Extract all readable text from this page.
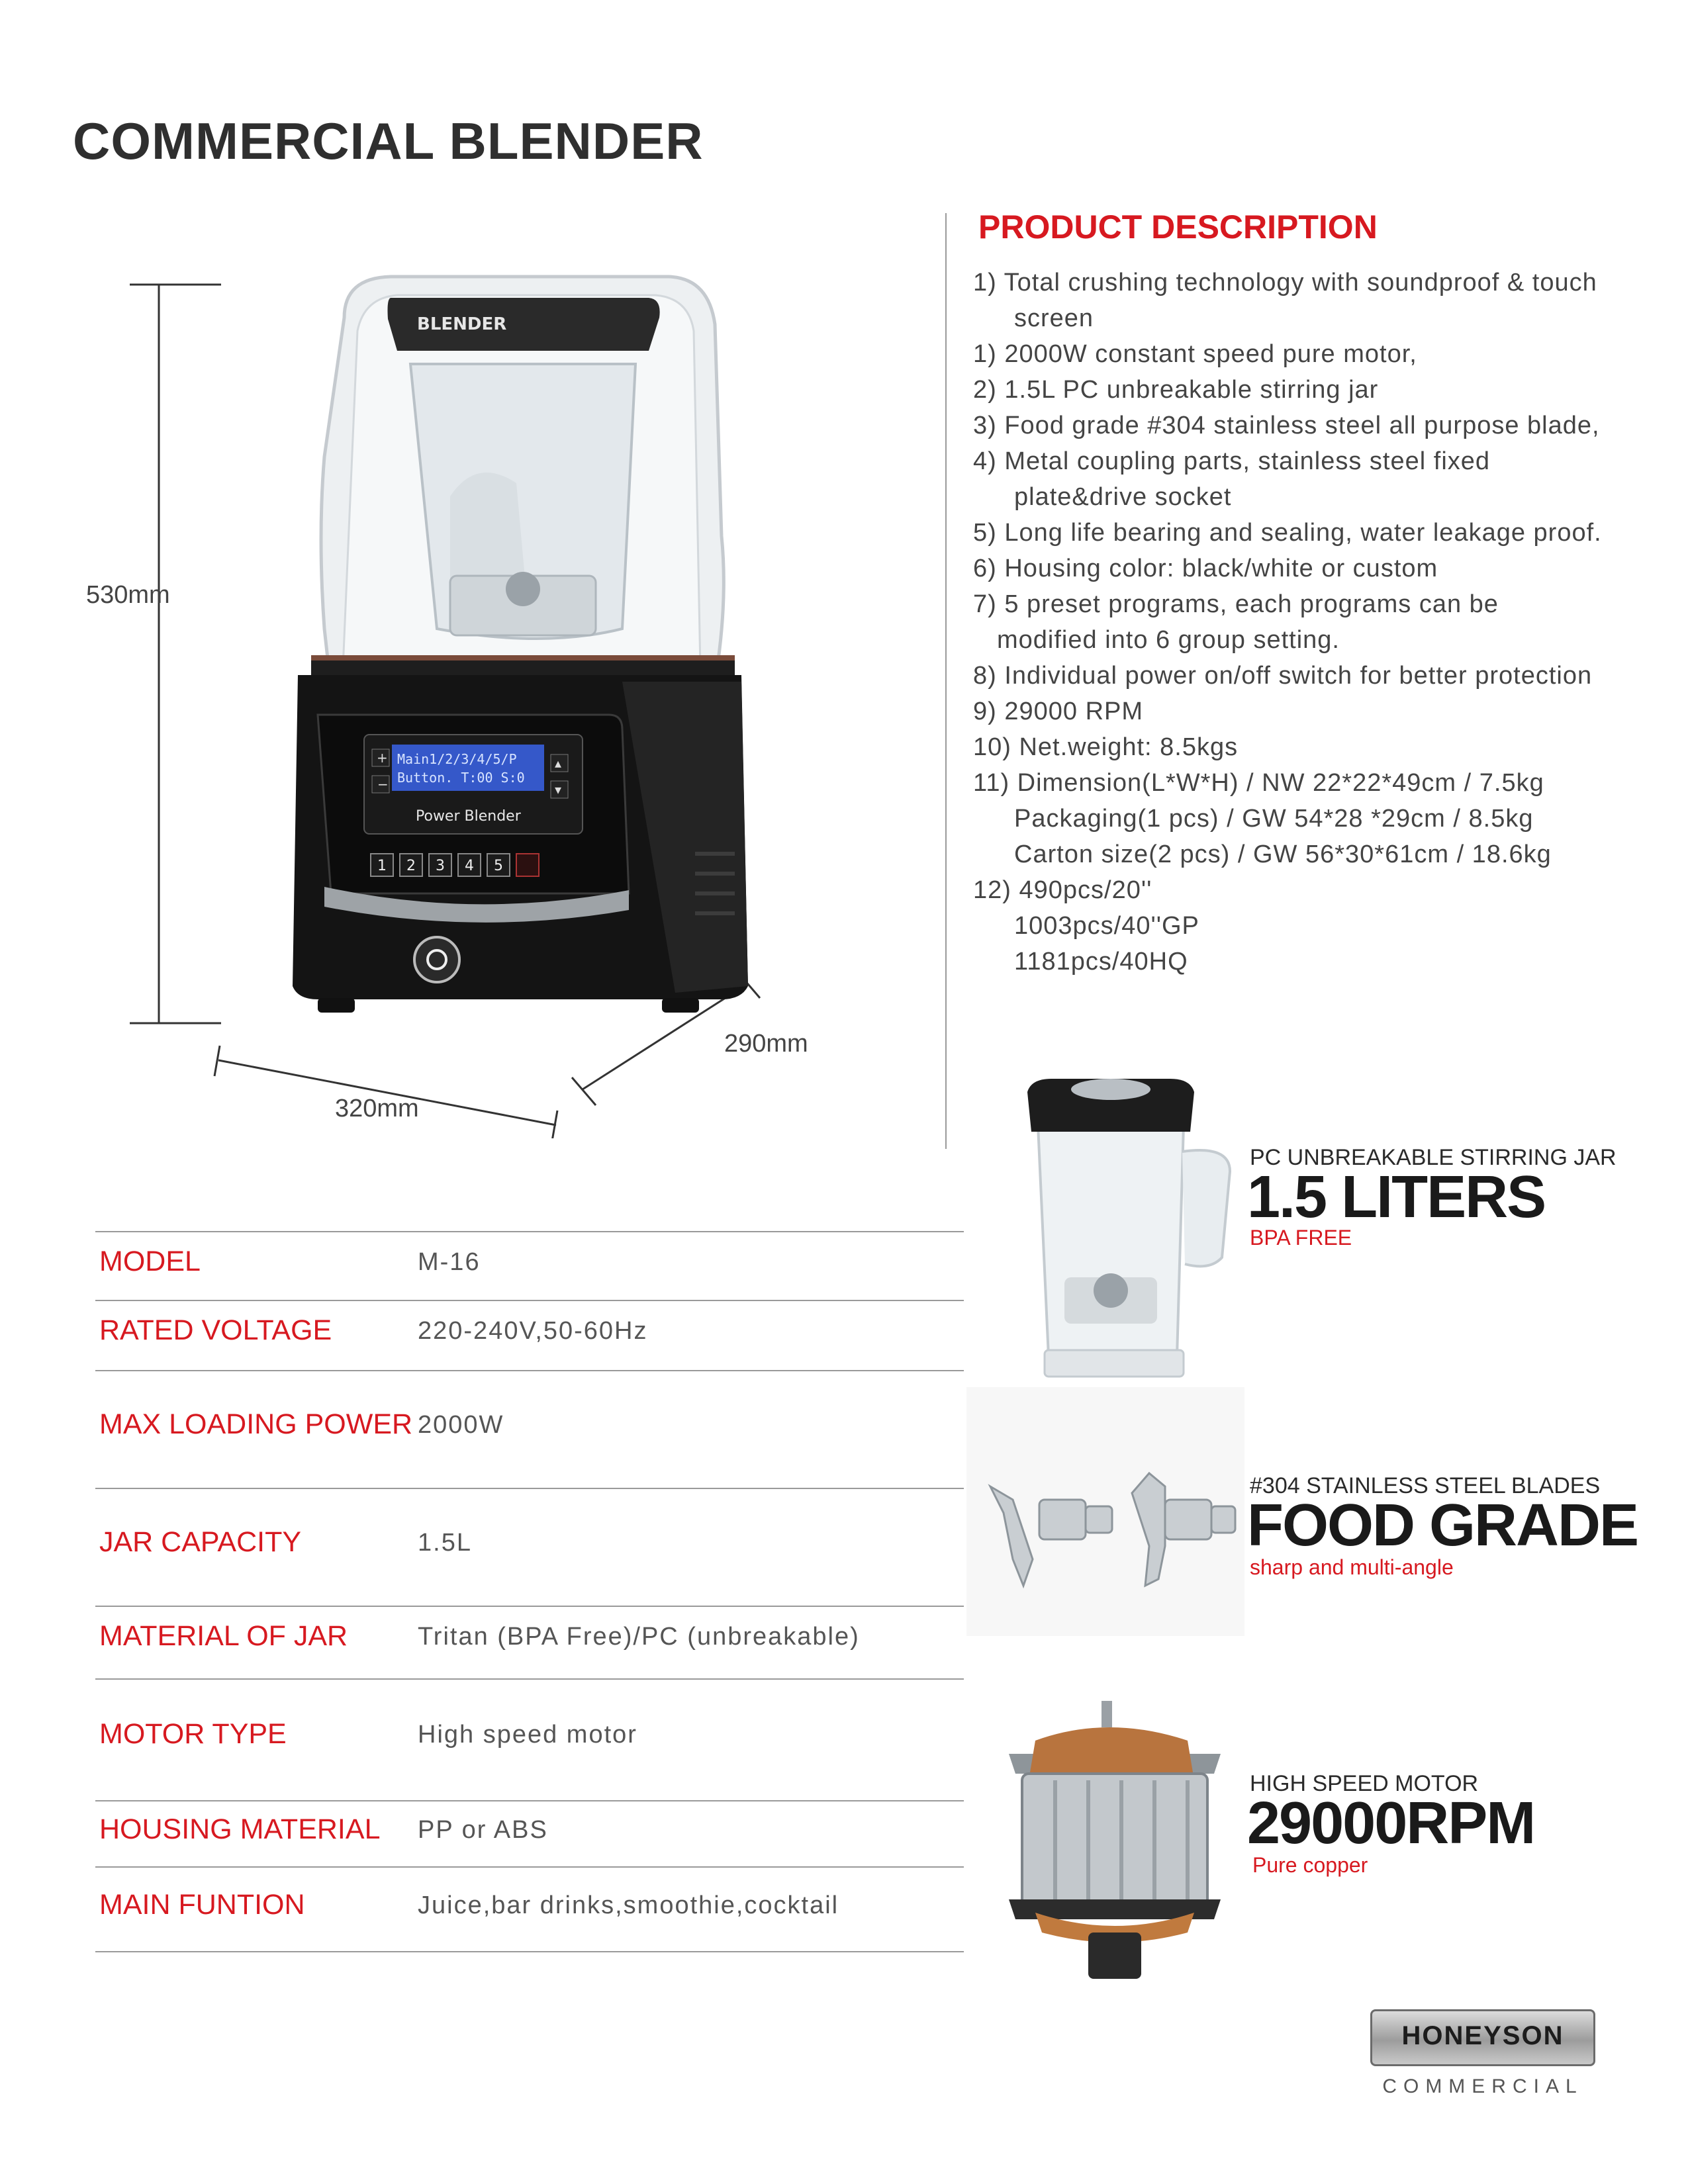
COMMERCIAL BLENDER
BLENDER
Main1/2/3/4/5/P
Button. T:00 S:0
Power Blender
+
−	▾
▴
1 2 3 4 5
530mm
320mm
290mm
PRODUCT DESCRIPTION
1) Total crushing technology with soundproof & touch
screen
1) 2000W constant speed pure motor,
2) 1.5L PC unbreakable stirring jar
3) Food grade #304 stainless steel all purpose blade,
4) Metal coupling parts, stainless steel fixed
plate&drive socket
5) Long life bearing and sealing, water leakage proof.
6) Housing color: black/white or custom
7) 5 preset programs, each programs can be
modified into 6 group setting.
8) Individual power on/off switch for better protection
9) 29000 RPM
10) Net.weight: 8.5kgs
11) Dimension(L*W*H) / NW 22*22*49cm / 7.5kg
Packaging(1 pcs) / GW 54*28 *29cm / 8.5kg
Carton size(2 pcs) / GW 56*30*61cm / 18.6kg
12) 490pcs/20''
1003pcs/40''GP
1181pcs/40HQ
MODEL	M-16
RATED VOLTAGE	220-240V,50-60Hz
MAX LOADING POWER 2000W
JAR CAPACITY	1.5L
MATERIAL OF JAR	Tritan (BPA Free)/PC (unbreakable)
MOTOR TYPE	High speed motor
HOUSING MATERIAL PP or ABS
MAIN FUNTION	Juice,bar drinks,smoothie,cocktail
PC UNBREAKABLE STIRRING JAR
1.5 LITERS
BPA FREE
#304 STAINLESS STEEL BLADES
FOOD GRADE
sharp and multi-angle
HIGH SPEED MOTOR
29000RPM
Pure copper
HONEYSON
COMMERCIAL
